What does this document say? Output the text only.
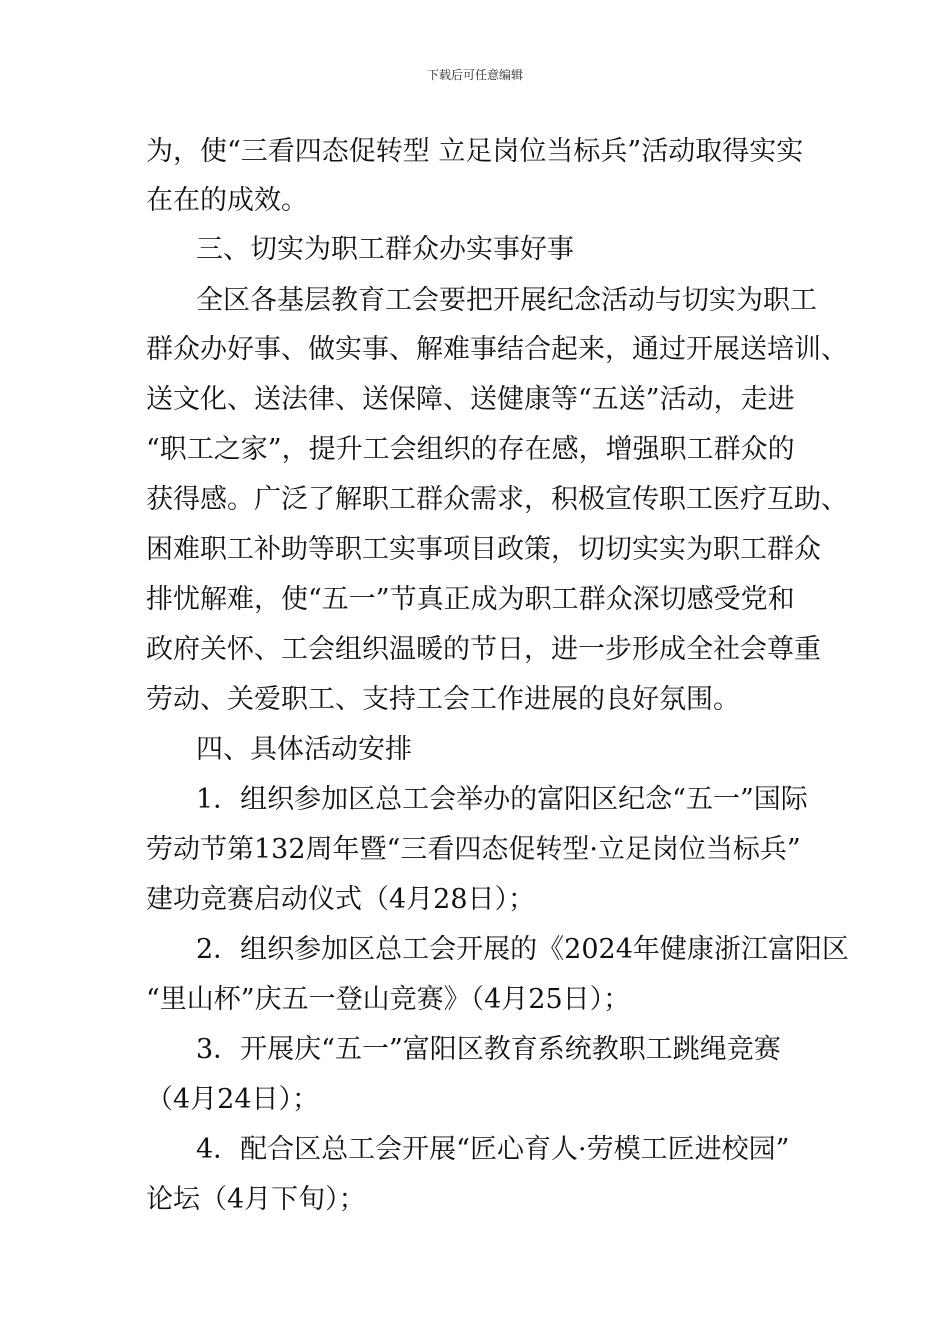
下载后可任意编辑
为，使“三看四态促转型 立足岗位当标兵”活动取得实实
在在的成效。
三、切实为职工群众办实事好事
全区各基层教育工会要把开展纪念活动与切实为职工
群众办好事、做实事、解难事结合起来，通过开展送培训、
送文化、送法律、送保障、送健康等“五送”活动，走进
“职工之家”，提升工会组织的存在感，增强职工群众的
获得感。广泛了解职工群众需求，积极宣传职工医疗互助、
困难职工补助等职工实事项目政策，切切实实为职工群众
排忧解难，使“五一”节真正成为职工群众深切感受党和
政府关怀、工会组织温暖的节日，进一步形成全社会尊重
劳动、关爱职工、支持工会工作进展的良好氛围。
四、具体活动安排
1．组织参加区总工会举办的富阳区纪念“五一”国际
劳动节第132周年暨“三看四态促转型·立足岗位当标兵”
建功竞赛启动仪式（4月28日）；
2．组织参加区总工会开展的《2024年健康浙江富阳区
“里山杯”庆五一登山竞赛》（4月25日）；
3．开展庆“五一”富阳区教育系统教职工跳绳竞赛
（4月24日）；
4．配合区总工会开展“匠心育人·劳模工匠进校园”
论坛（4月下旬）；
